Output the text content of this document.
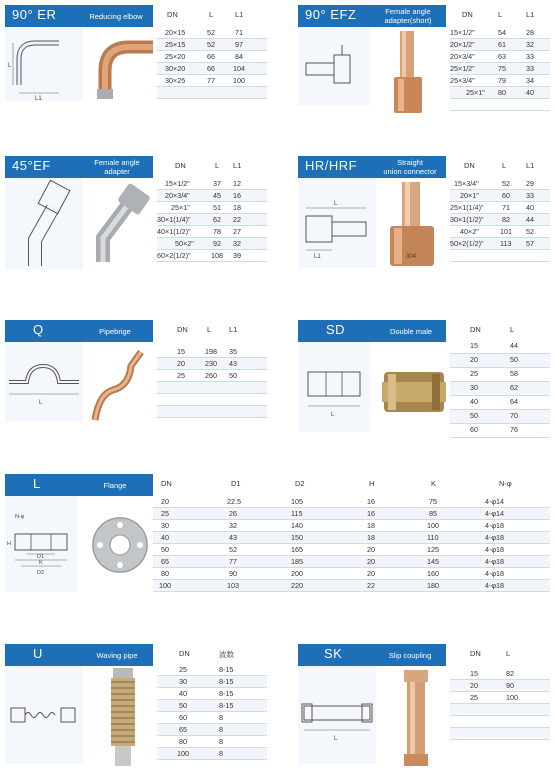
90° ER	Reducing elbow
L
L1
DN	L	L1
20×15	52	71
25×15	52	97
25×20	66	84
30×20	66	104
30×25	77	100
90° EFZ	Female angle
adapter(short)
DN	L	L1
15×1/2"	54	28
20×1/2"	61	32
20×3/4"	63	33
25×1/2"	75	33
25×3/4"	79	34
25×1" 80	40
45°EF	Female angle
adapter
DN	L L1
15×1/2"	37 12
20×3/4"	45 16
25×1"	51 18
30×1(1/4)"	62 22
40×1(1/2)"	78 27
50×2"	92 32
60×2(1/2)"	108 39
HR/HRF	Straight
union connector
L
L1	304
DN	L	L1
15×3/4"	52 29
20×1"	60 33
25×1(1/4)"	71 40
30×1(1/2)"	82 44
40×2"	101 52
50×2(1/2)" 113 57
Q	Pipebrige
L
DN	L L1
15	198 35
20	230 43
25	260 50
SD	Double male
L
DN	L
15	44
20	50
25	58
30	62
40	64
50	70
60	76
L	Flange
N-φ
H
D1
K
D2
DN	D1	D2	H	K	N-φ
20	22.5	105	16	75	4-φ14
25	26	115	16	85	4-φ14
30	32	140	18	100	4-φ18
40	43	150	18	110	4-φ18
50	52	165	20	125	4-φ18
65	77	185	20	145	4-φ18
80	90	200	20	160	4-φ18
100	103	220	22	180	4-φ18
U	Waving pipe	DN	波数
25	8-15
30	8-15
40	8-15
50	8-15
60	8
65	8
80	8
100	8
SK	Slip coupling
L
DN	L
15	82
20	90
25	100
